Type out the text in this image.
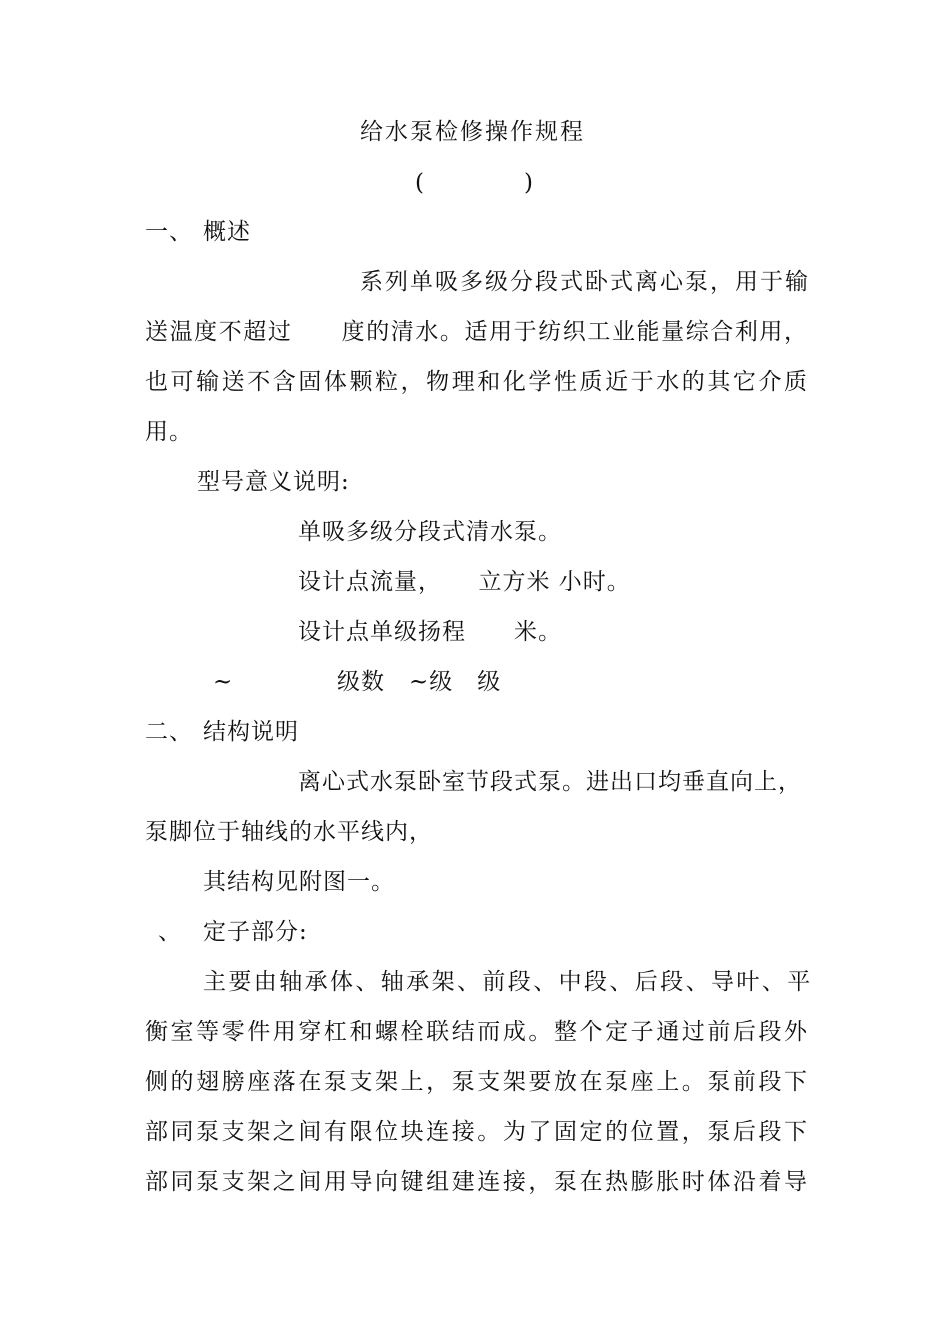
给水泵检修操作规程
(	)
一、 概述
系列单吸多级分段式卧式离心泵，用于输
送温度不超过　　度的清水。适用于纺织工业能量综合利用，
也可输送不含固体颗粒，物理和化学性质近于水的其它介质
用。
型号意义说明:
单吸多级分段式清水泵。
设计点流量，　　立方米 小时。
设计点单级扬程　　米。
~	级数　~级　级
二、 结构说明
离心式水泵卧室节段式泵。进出口均垂直向上，
泵脚位于轴线的水平线内，
其结构见附图一。
、 定子部分:
主要由轴承体、轴承架、前段、中段、后段、导叶、平
衡室等零件用穿杠和螺栓联结而成。整个定子通过前后段外
侧的翅膀座落在泵支架上，泵支架要放在泵座上。泵前段下
部同泵支架之间有限位块连接。为了固定的位置，泵后段下
部同泵支架之间用导向键组建连接，泵在热膨胀时体沿着导
